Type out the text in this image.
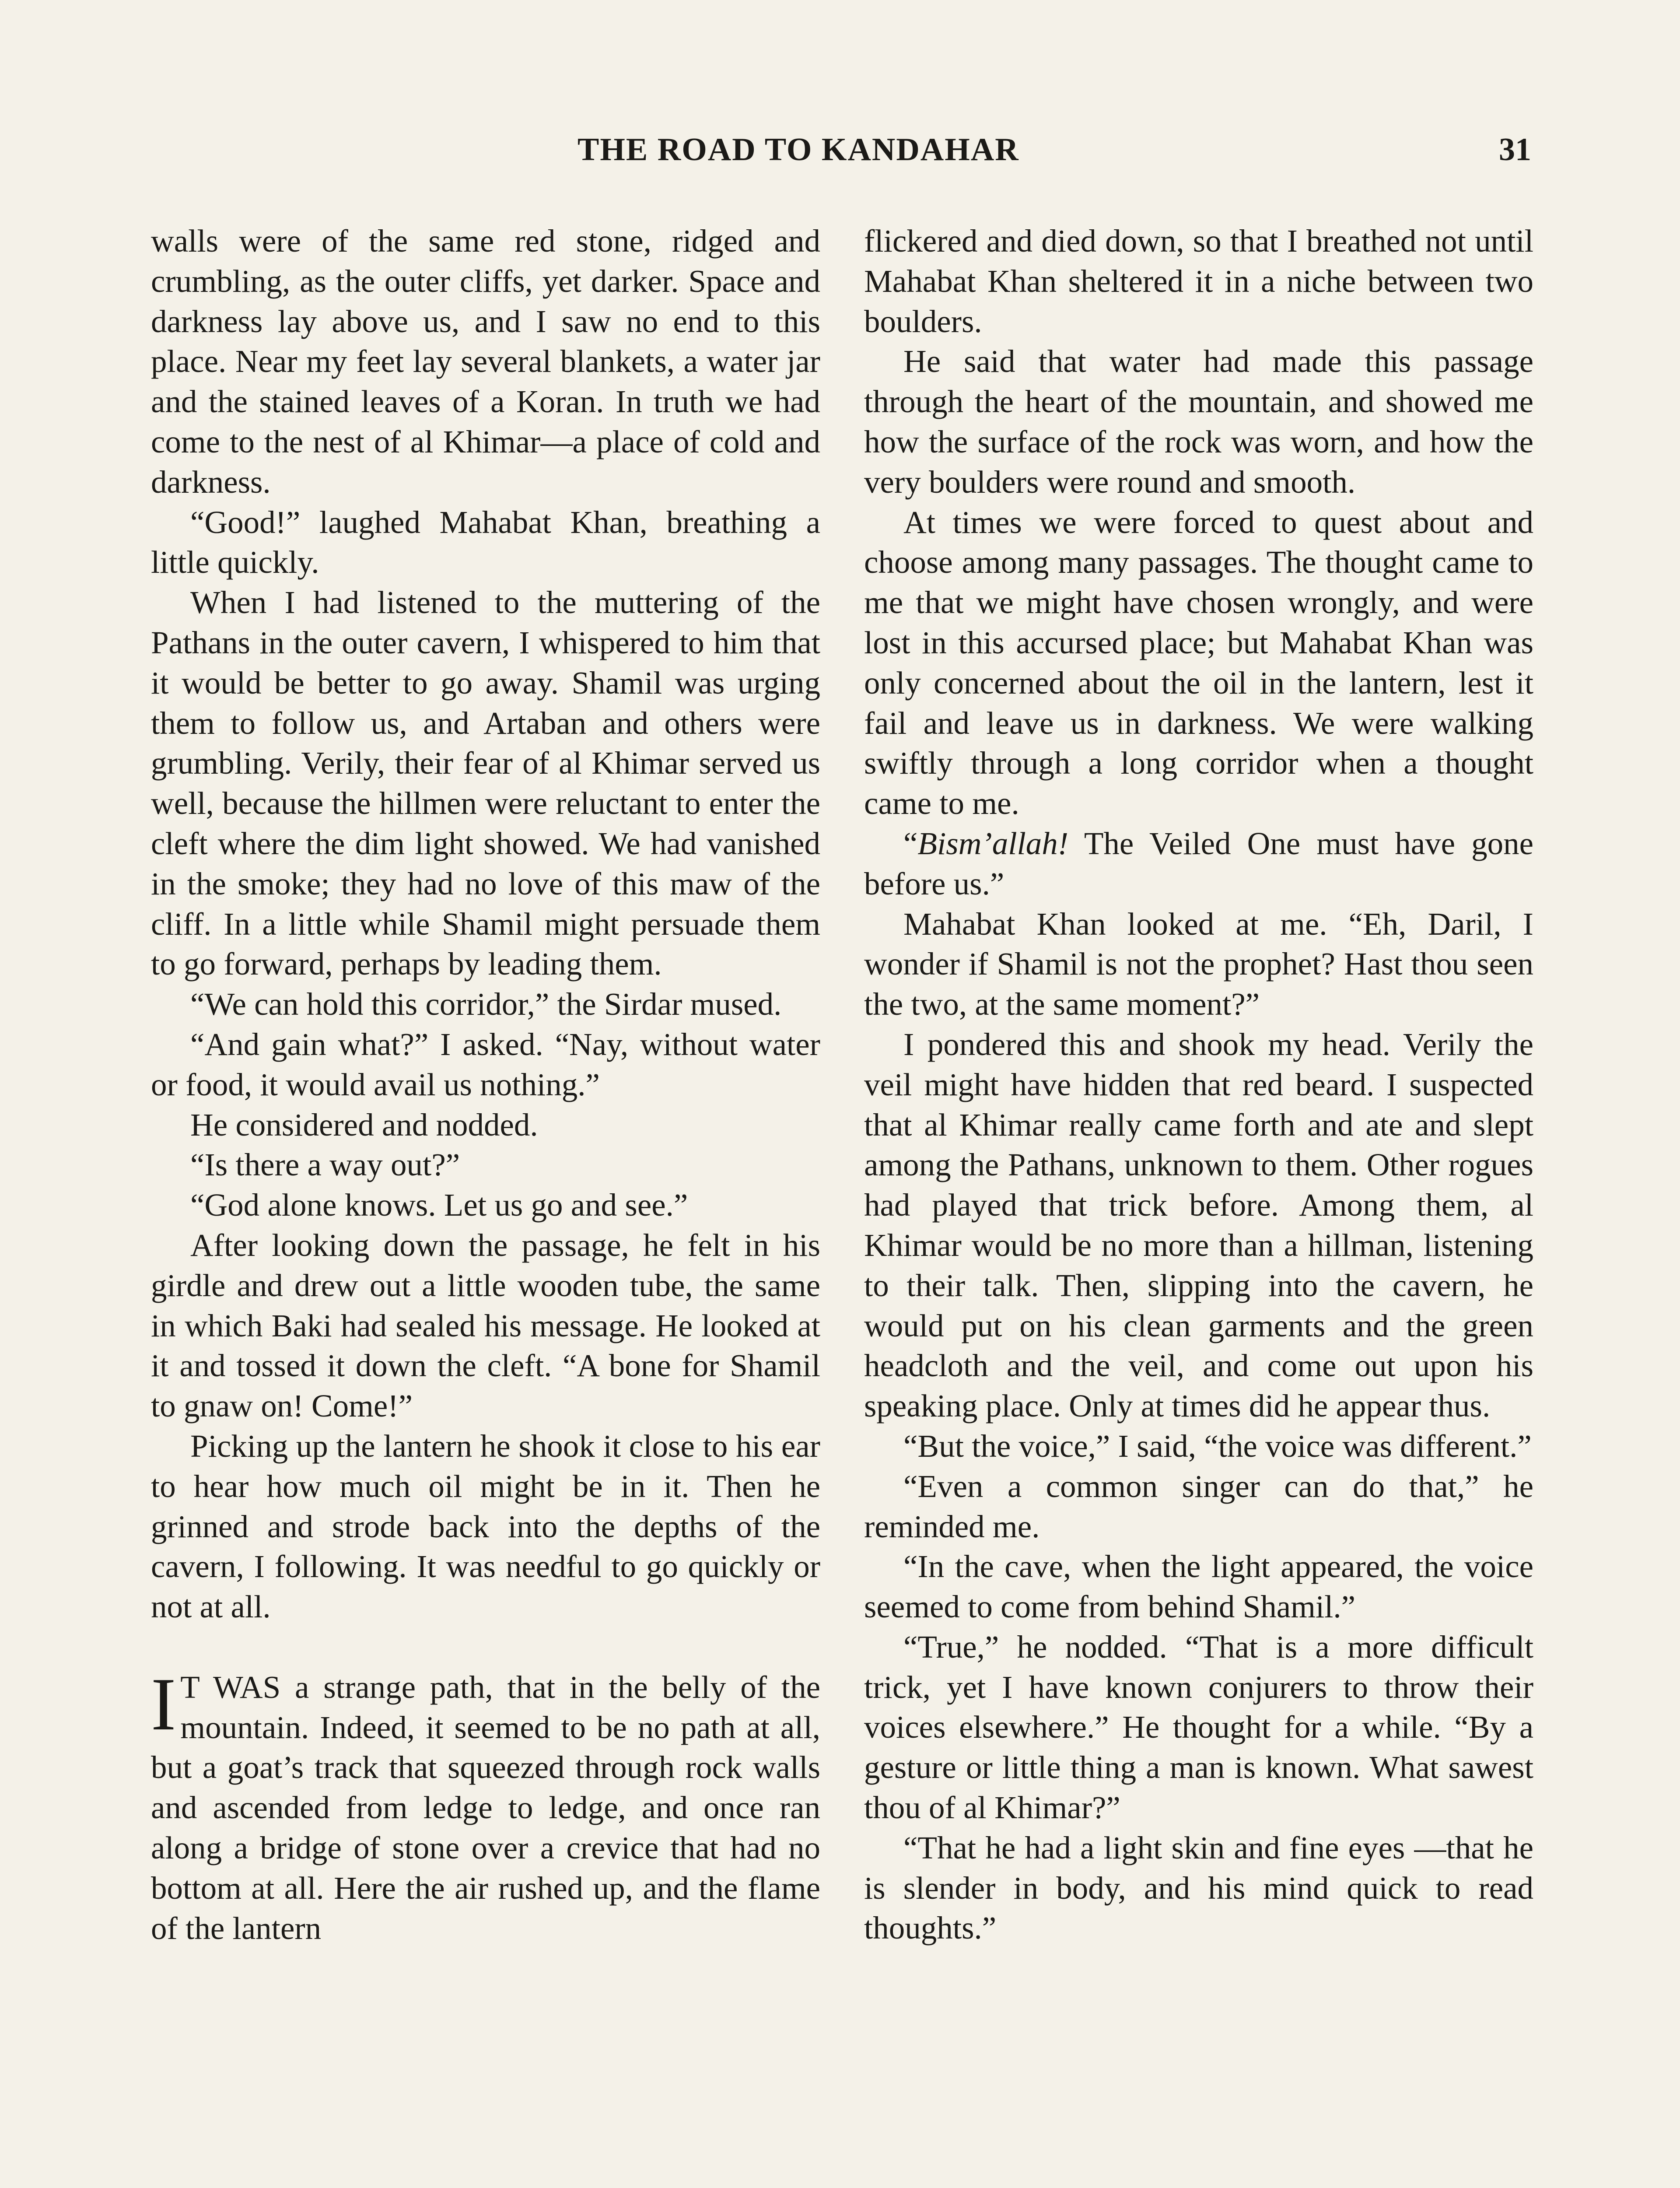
THE ROAD TO KANDAHAR	31

walls were of the same red stone, ridged and crumbling, as the outer cliffs, yet darker. Space and darkness lay above us, and I saw no end to this place. Near my feet lay several blankets, a water jar and the stained leaves of a Koran. In truth we had come to the nest of al Khimar—a place of cold and darkness.

“Good!” laughed Mahabat Khan, breathing a little quickly.

When I had listened to the muttering of the Pathans in the outer cavern, I whispered to him that it would be better to go away. Shamil was urging them to follow us, and Artaban and others were grumbling. Verily, their fear of al Khimar served us well, because the hillmen were reluctant to enter the cleft where the dim light showed. We had vanished in the smoke; they had no love of this maw of the cliff. In a little while Shamil might persuade them to go forward, perhaps by leading them.

“We can hold this corridor,” the Sirdar mused.

“And gain what?” I asked. “Nay, without water or food, it would avail us nothing.”

He considered and nodded.

“Is there a way out?”

“God alone knows. Let us go and see.”

After looking down the passage, he felt in his girdle and drew out a little wooden tube, the same in which Baki had sealed his message. He looked at it and tossed it down the cleft. “A bone for Shamil to gnaw on! Come!”

Picking up the lantern he shook it close to his ear to hear how much oil might be in it. Then he grinned and strode back into the depths of the cavern, I following. It was needful to go quickly or not at all.

I T WAS a strange path, that in the belly of the mountain. Indeed, it seemed to be no path at all, but a goat’s track that squeezed through rock walls and ascended from ledge to ledge, and once ran along a bridge of stone over a crevice that had no bottom at all. Here the air rushed up, and the flame of the lantern

flickered and died down, so that I breathed not until Mahabat Khan sheltered it in a niche between two boulders.

He said that water had made this passage through the heart of the mountain, and showed me how the surface of the rock was worn, and how the very boulders were round and smooth.

At times we were forced to quest about and choose among many passages. The thought came to me that we might have chosen wrongly, and were lost in this accursed place; but Mahabat Khan was only concerned about the oil in the lantern, lest it fail and leave us in darkness. We were walking swiftly through a long corridor when a thought came to me.

“Bism’allah! The Veiled One must have gone before us.”

Mahabat Khan looked at me. “Eh, Daril, I wonder if Shamil is not the prophet? Hast thou seen the two, at the same moment?”

I pondered this and shook my head. Verily the veil might have hidden that red beard. I suspected that al Khimar really came forth and ate and slept among the Pathans, unknown to them. Other rogues had played that trick before. Among them, al Khimar would be no more than a hillman, listening to their talk. Then, slipping into the cavern, he would put on his clean garments and the green headcloth and the veil, and come out upon his speaking place. Only at times did he appear thus.

“But the voice,” I said, “the voice was different.”

“Even a common singer can do that,” he reminded me.

“In the cave, when the light appeared, the voice seemed to come from behind Shamil.”

“True,” he nodded. “That is a more difficult trick, yet I have known conjurers to throw their voices elsewhere.” He thought for a while. “By a gesture or little thing a man is known. What sawest thou of al Khimar?”

“That he had a light skin and fine eyes —that he is slender in body, and his mind quick to read thoughts.”
